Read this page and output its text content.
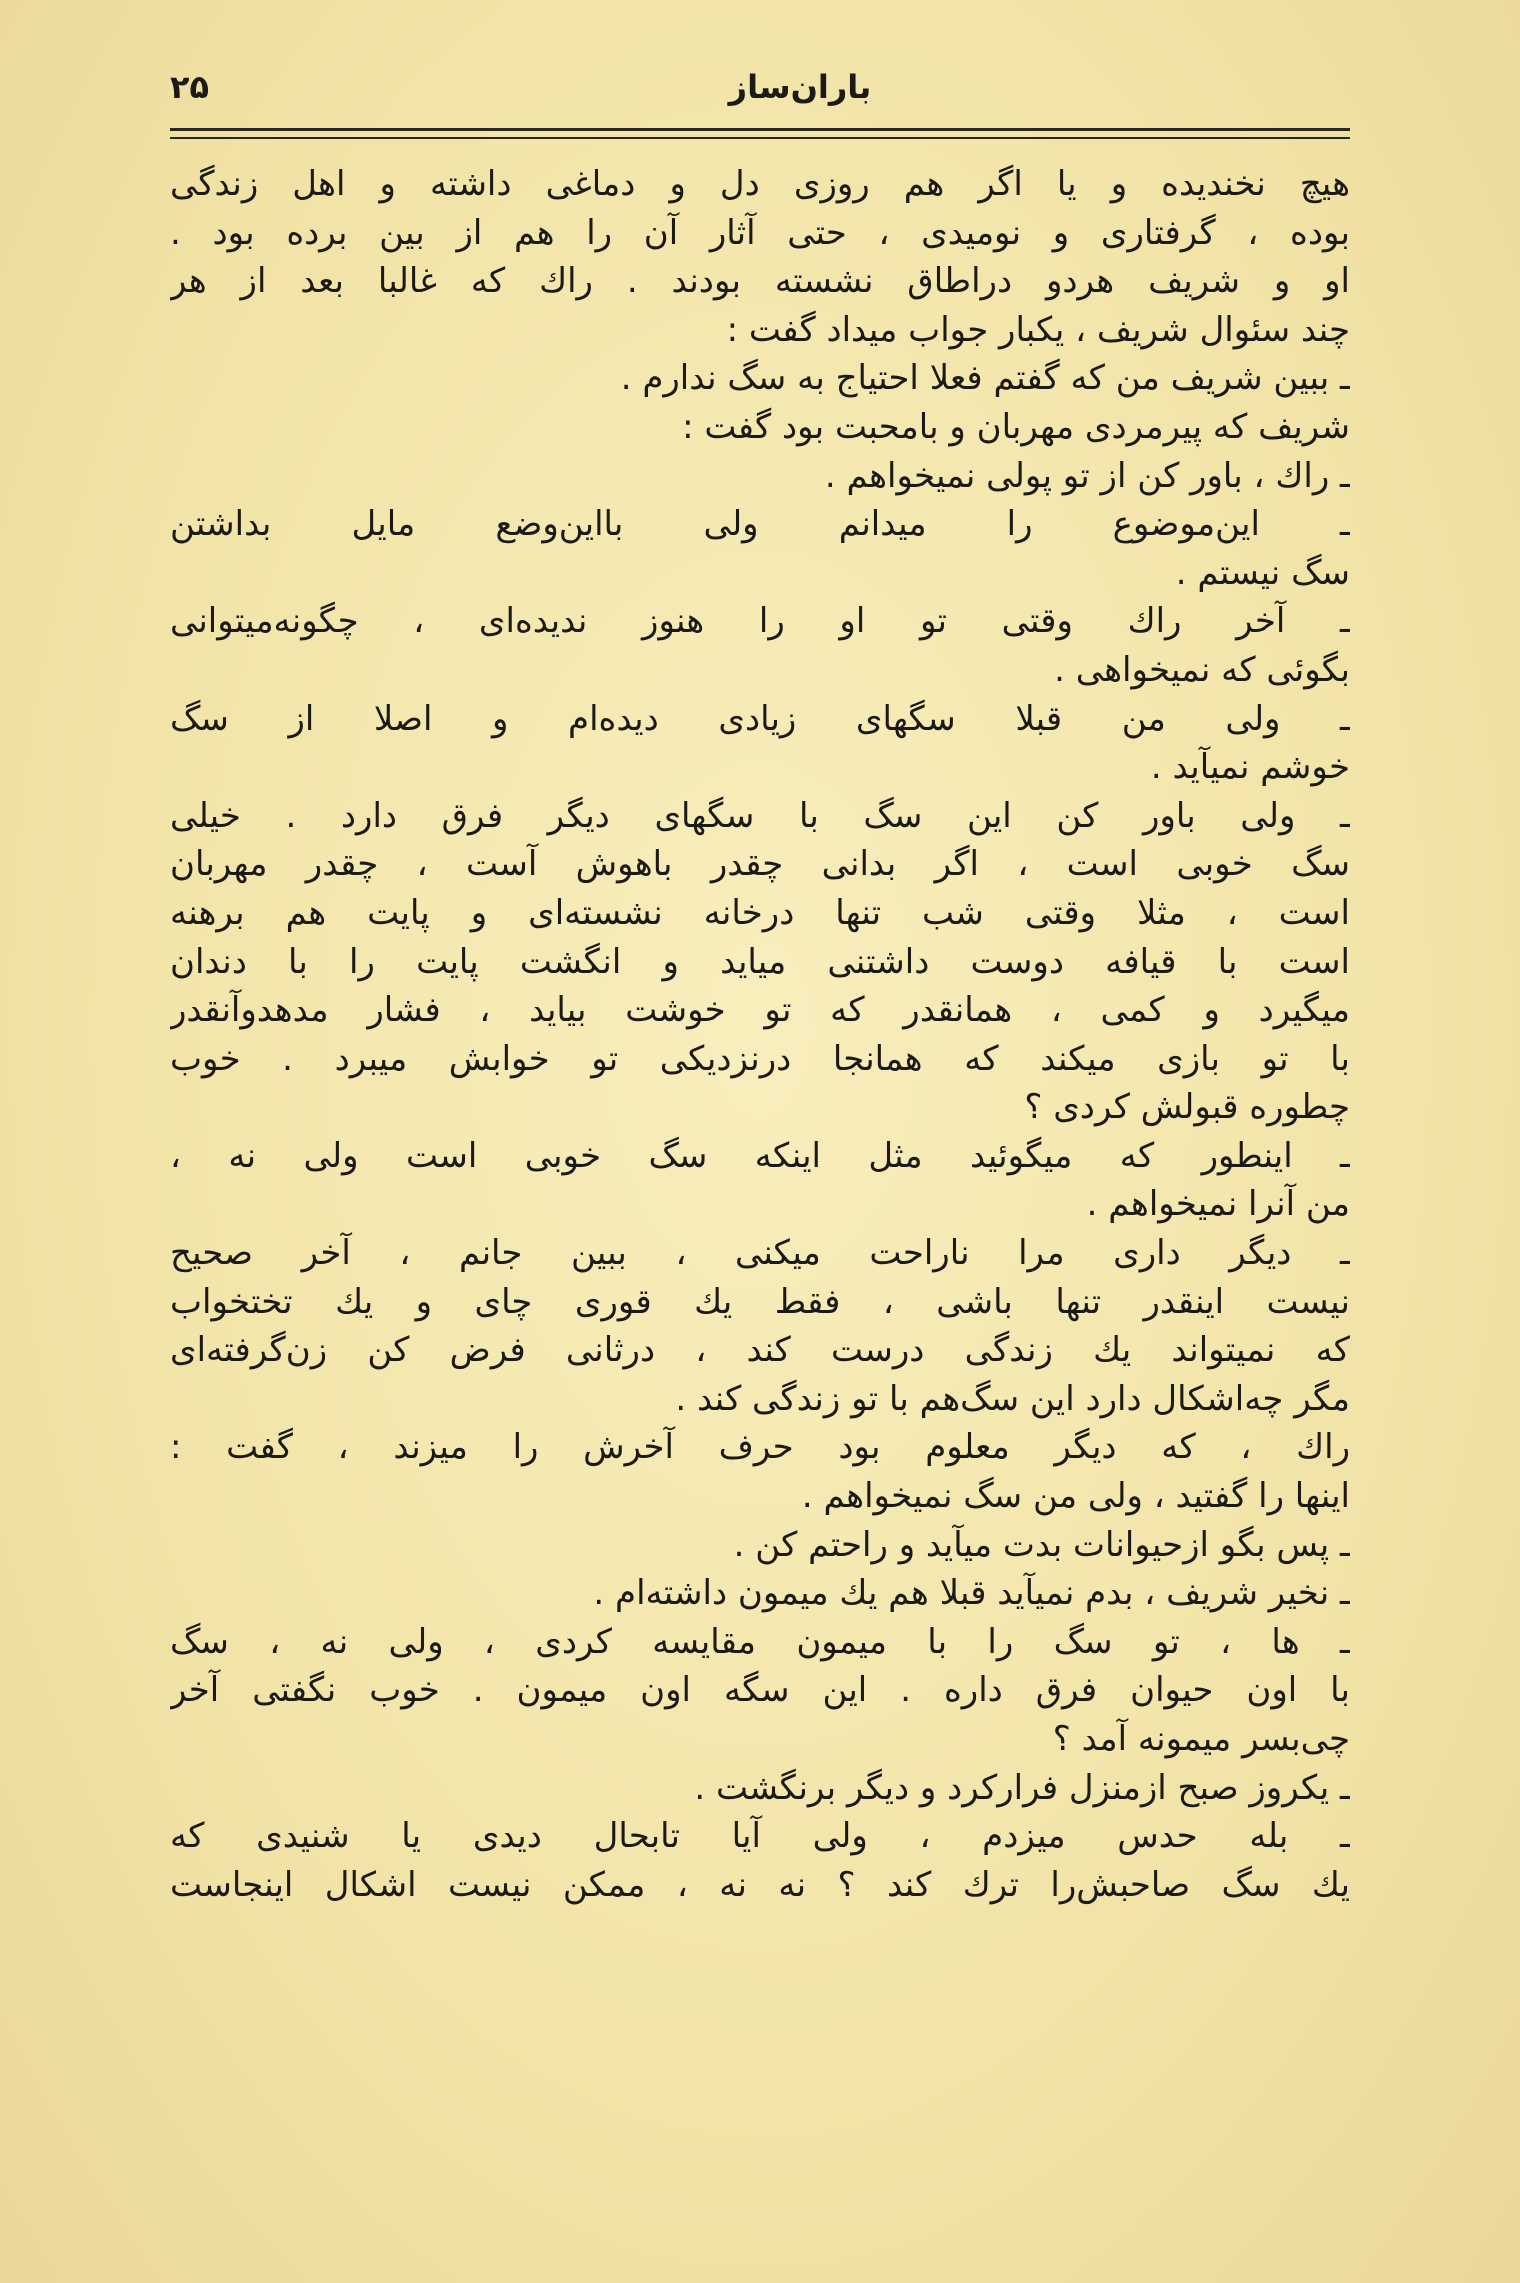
۲۵	باران‌ساز
هیچ نخندیده و یا اگر هم روزی دل و دماغی داشته و اهل زندگی
بوده ، گرفتاری و نومیدی ، حتی آثار آن را هم از بین برده بود .
او و شریف هردو دراطاق نشسته بودند . راك که غالبا بعد از هر
چند سئوال شریف ، یکبار جواب میداد گفت :
ـ ببین شریف من که گفتم فعلا احتیاج به سگ ندارم .
شریف که پیرمردی مهربان و بامحبت بود گفت :
ـ راك ، باور کن از تو پولی نمیخواهم .
ـ این‌موضوع را میدانم ولی بااین‌وضع مایل بداشتن
سگ نیستم .
ـ آخر راك وقتی تو او را هنوز ندیده‌ای ، چگونه‌میتوانی
بگوئی که نمیخواهی .
ـ ولی من قبلا سگهای زیادی دیده‌ام و اصلا از سگ
خوشم نمیآید .
ـ ولی باور کن این سگ با سگهای دیگر فرق دارد . خیلی
سگ خوبی است ، اگر بدانی چقدر باهوش آست ، چقدر مهربان
است ، مثلا وقتی شب تنها درخانه نشسته‌ای و پایت هم برهنه
است با قیافه دوست داشتنی میاید و انگشت پایت را با دندان
میگیرد و کمی ، همانقدر که تو خوشت بیاید ، فشار مدهدوآنقدر
با تو بازی میکند که همانجا درنزدیکی تو خوابش میبرد . خوب
چطوره قبولش کردی ؟
ـ اینطور که میگوئید مثل اینکه سگ خوبی است ولی نه ،
من آنرا نمیخواهم .
ـ دیگر داری مرا ناراحت میکنی ، ببین جانم ، آخر صحیح
نیست اینقدر تنها باشی ، فقط یك قوری چای و یك تختخواب
که نمیتواند یك زندگی درست کند ، درثانی فرض کن زن‌گرفته‌ای
مگر چه‌اشکال دارد این سگ‌هم با تو زندگی کند .
راك ، که دیگر معلوم بود حرف آخرش را میزند ، گفت :
اینها را گفتید ، ولی من سگ نمیخواهم .
ـ پس بگو ازحیوانات بدت میآید و راحتم کن .
ـ نخیر شریف ، بدم نمیآید قبلا هم یك میمون داشته‌ام .
ـ ها ، تو سگ را با میمون مقایسه کردی ، ولی نه ، سگ
با اون حیوان فرق داره . این سگه اون میمون . خوب نگفتی آخر
چی‌بسر میمونه آمد ؟
ـ یکروز صبح ازمنزل فرارکرد و دیگر برنگشت .
ـ بله حدس میزدم ، ولی آیا تابحال دیدی یا شنیدی که
یك سگ صاحبش‌را ترك کند ؟ نه نه ، ممکن نیست اشکال اینجاست
